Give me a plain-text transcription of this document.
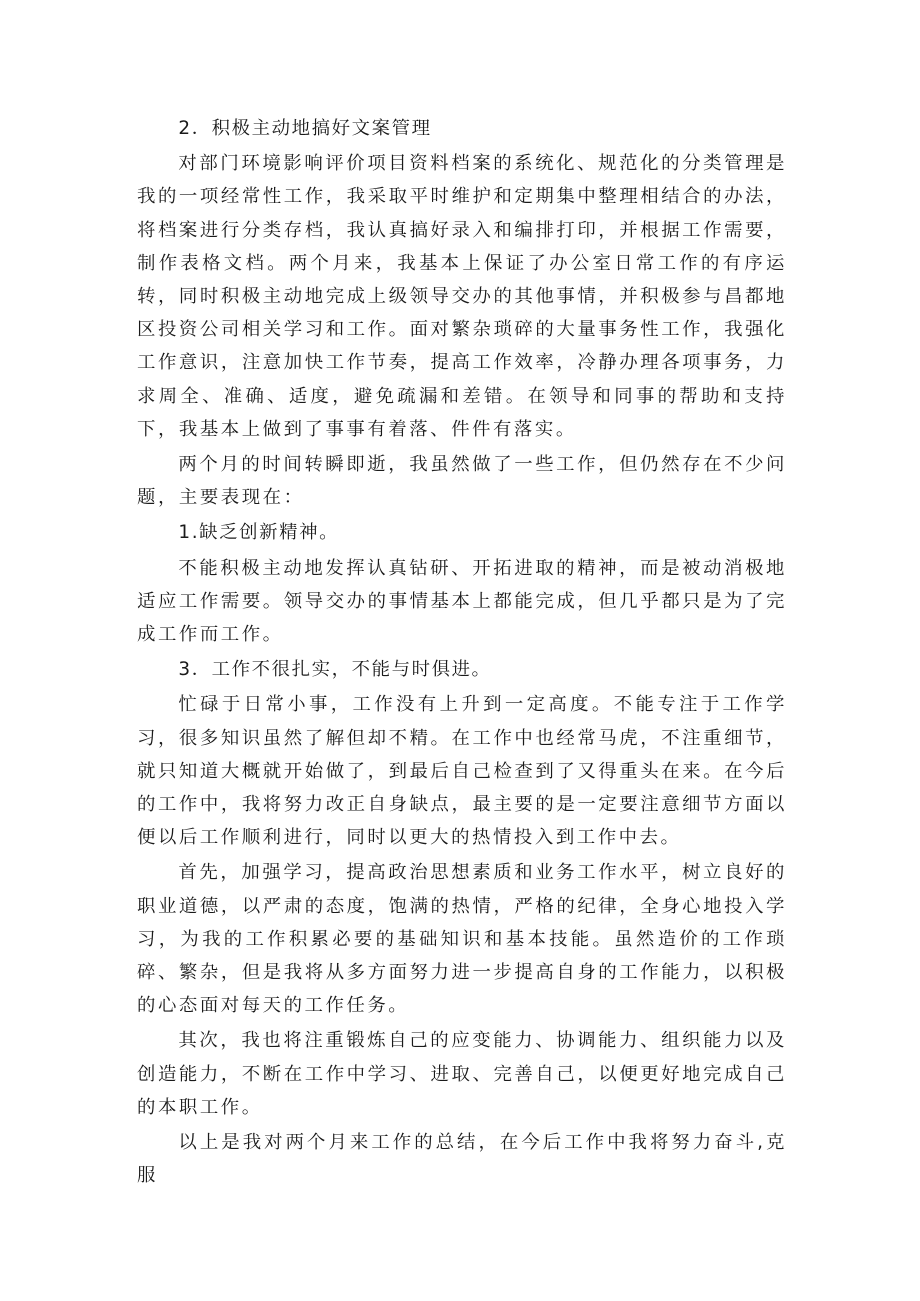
2．积极主动地搞好文案管理

对部门环境影响评价项目资料档案的系统化、规范化的分类管理是我的一项经常性工作，我采取平时维护和定期集中整理相结合的办法，将档案进行分类存档，我认真搞好录入和编排打印，并根据工作需要，制作表格文档。两个月来，我基本上保证了办公室日常工作的有序运转，同时积极主动地完成上级领导交办的其他事情，并积极参与昌都地区投资公司相关学习和工作。面对繁杂琐碎的大量事务性工作，我强化工作意识，注意加快工作节奏，提高工作效率，冷静办理各项事务，力求周全、准确、适度，避免疏漏和差错。在领导和同事的帮助和支持下，我基本上做到了事事有着落、件件有落实。

两个月的时间转瞬即逝，我虽然做了一些工作，但仍然存在不少问题，主要表现在：

1.缺乏创新精神。

不能积极主动地发挥认真钻研、开拓进取的精神，而是被动消极地适应工作需要。领导交办的事情基本上都能完成，但几乎都只是为了完成工作而工作。

3．工作不很扎实，不能与时俱进。

忙碌于日常小事，工作没有上升到一定高度。不能专注于工作学习，很多知识虽然了解但却不精。在工作中也经常马虎，不注重细节，就只知道大概就开始做了，到最后自己检查到了又得重头在来。在今后的工作中，我将努力改正自身缺点，最主要的是一定要注意细节方面以便以后工作顺利进行，同时以更大的热情投入到工作中去。

首先，加强学习，提高政治思想素质和业务工作水平，树立良好的职业道德，以严肃的态度，饱满的热情，严格的纪律，全身心地投入学习，为我的工作积累必要的基础知识和基本技能。虽然造价的工作琐碎、繁杂，但是我将从多方面努力进一步提高自身的工作能力，以积极的心态面对每天的工作任务。

其次，我也将注重锻炼自己的应变能力、协调能力、组织能力以及创造能力，不断在工作中学习、进取、完善自己，以便更好地完成自己的本职工作。

以上是我对两个月来工作的总结，在今后工作中我将努力奋斗,克服
